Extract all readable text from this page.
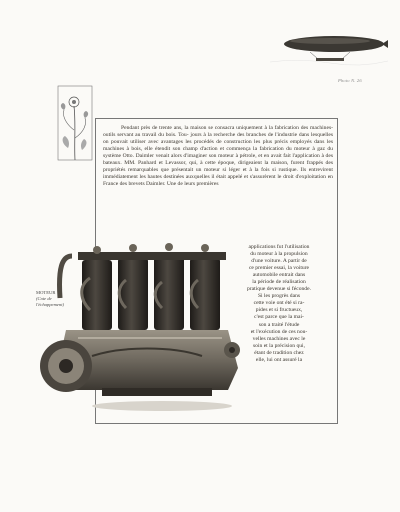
Photo N. 26

Pendant près de trente ans, la maison se consacra uniquement à la fabrication des machines-outils servant au travail du bois. Tou- jours à la recherche des branches de l'industrie dans lesquelles on pouvait utiliser avec avantages les procédés de construction les plus précis employés dans les machines à bois, elle étendit son champ d'action et commença la fabrication du moteur à gaz du système Otto. Daimler venait alors d'imaginer son moteur à pétrole, et en avait fait l'application à des bateaux. MM. Panhard et Levassor, qui, à cette époque, dirigeaient la maison, furent frappés des propriétés remarquables que présentait un moteur si léger et à la fois si rustique. Ils entrevirent immédiatement les hautes destinées auxquelles il était appelé et s'assurèrent le droit d'exploitation en France des brevets Daimler. Une de leurs premières

applications fut l'utilisation
du moteur à la propulsion
d'une voiture. A partir de
ce premier essai, la voiture
automobile entrait dans
la période de réalisation
pratique devenue si féconde.
Si les progrès dans
cette voie ont été si ra-
pides et si fructueux,
c'est parce que la mai-
son a traité l'étude
et l'exécution de ces nou-
velles machines avec le
soin et la précision qui,
étant de tradition chez
elle, lui ont assuré la
MOTEUR
(Cote de
l'échappement)
